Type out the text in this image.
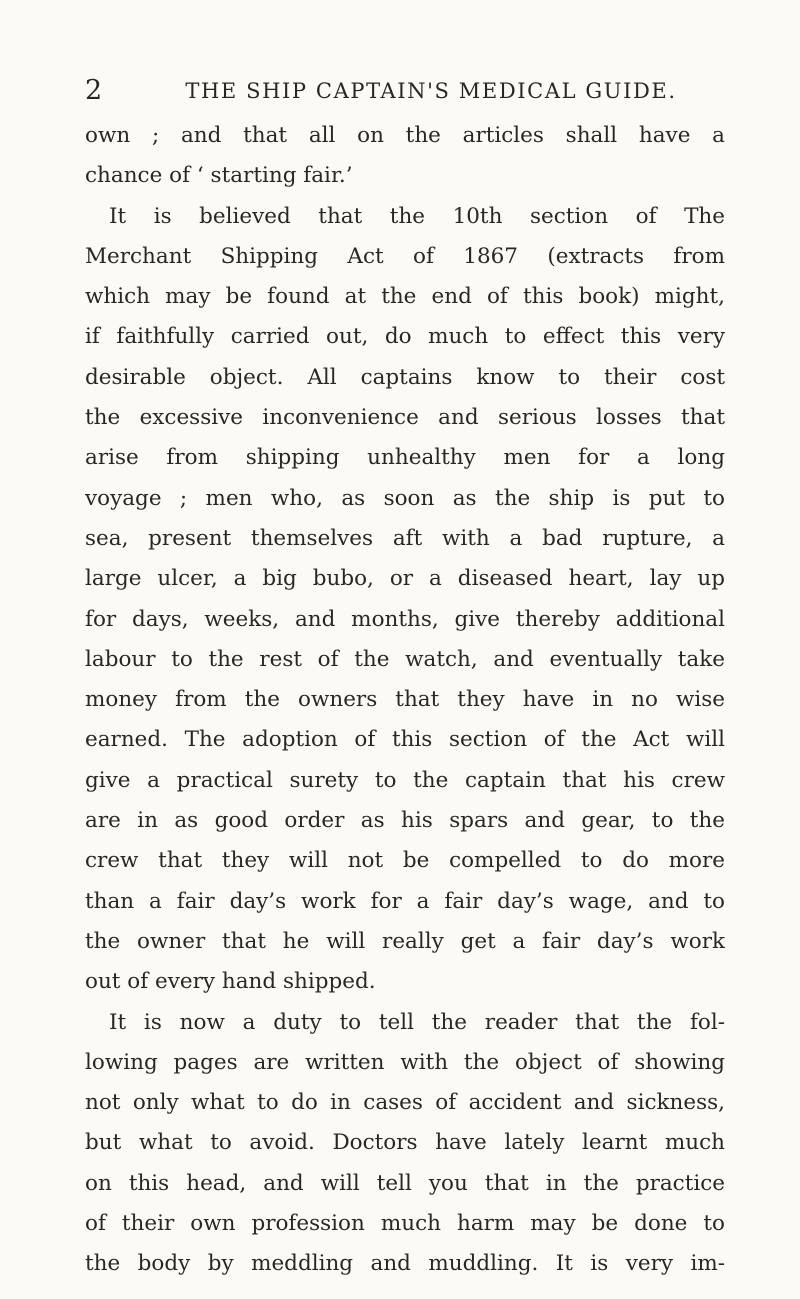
2	THE SHIP CAPTAIN'S MEDICAL GUIDE.
own ; and that all on the articles shall have a
chance of ‘ starting fair.’
It is believed that the 10th section of The
Merchant Shipping Act of 1867 (extracts from
which may be found at the end of this book) might,
if faithfully carried out, do much to effect this very
desirable object. All captains know to their cost
the excessive inconvenience and serious losses that
arise from shipping unhealthy men for a long
voyage ; men who, as soon as the ship is put to
sea, present themselves aft with a bad rupture, a
large ulcer, a big bubo, or a diseased heart, lay up
for days, weeks, and months, give thereby additional
labour to the rest of the watch, and eventually take
money from the owners that they have in no wise
earned. The adoption of this section of the Act will
give a practical surety to the captain that his crew
are in as good order as his spars and gear, to the
crew that they will not be compelled to do more
than a fair day’s work for a fair day’s wage, and to
the owner that he will really get a fair day’s work
out of every hand shipped.
It is now a duty to tell the reader that the fol-
lowing pages are written with the object of showing
not only what to do in cases of accident and sickness,
but what to avoid. Doctors have lately learnt much
on this head, and will tell you that in the practice
of their own profession much harm may be done to
the body by meddling and muddling. It is very im-
